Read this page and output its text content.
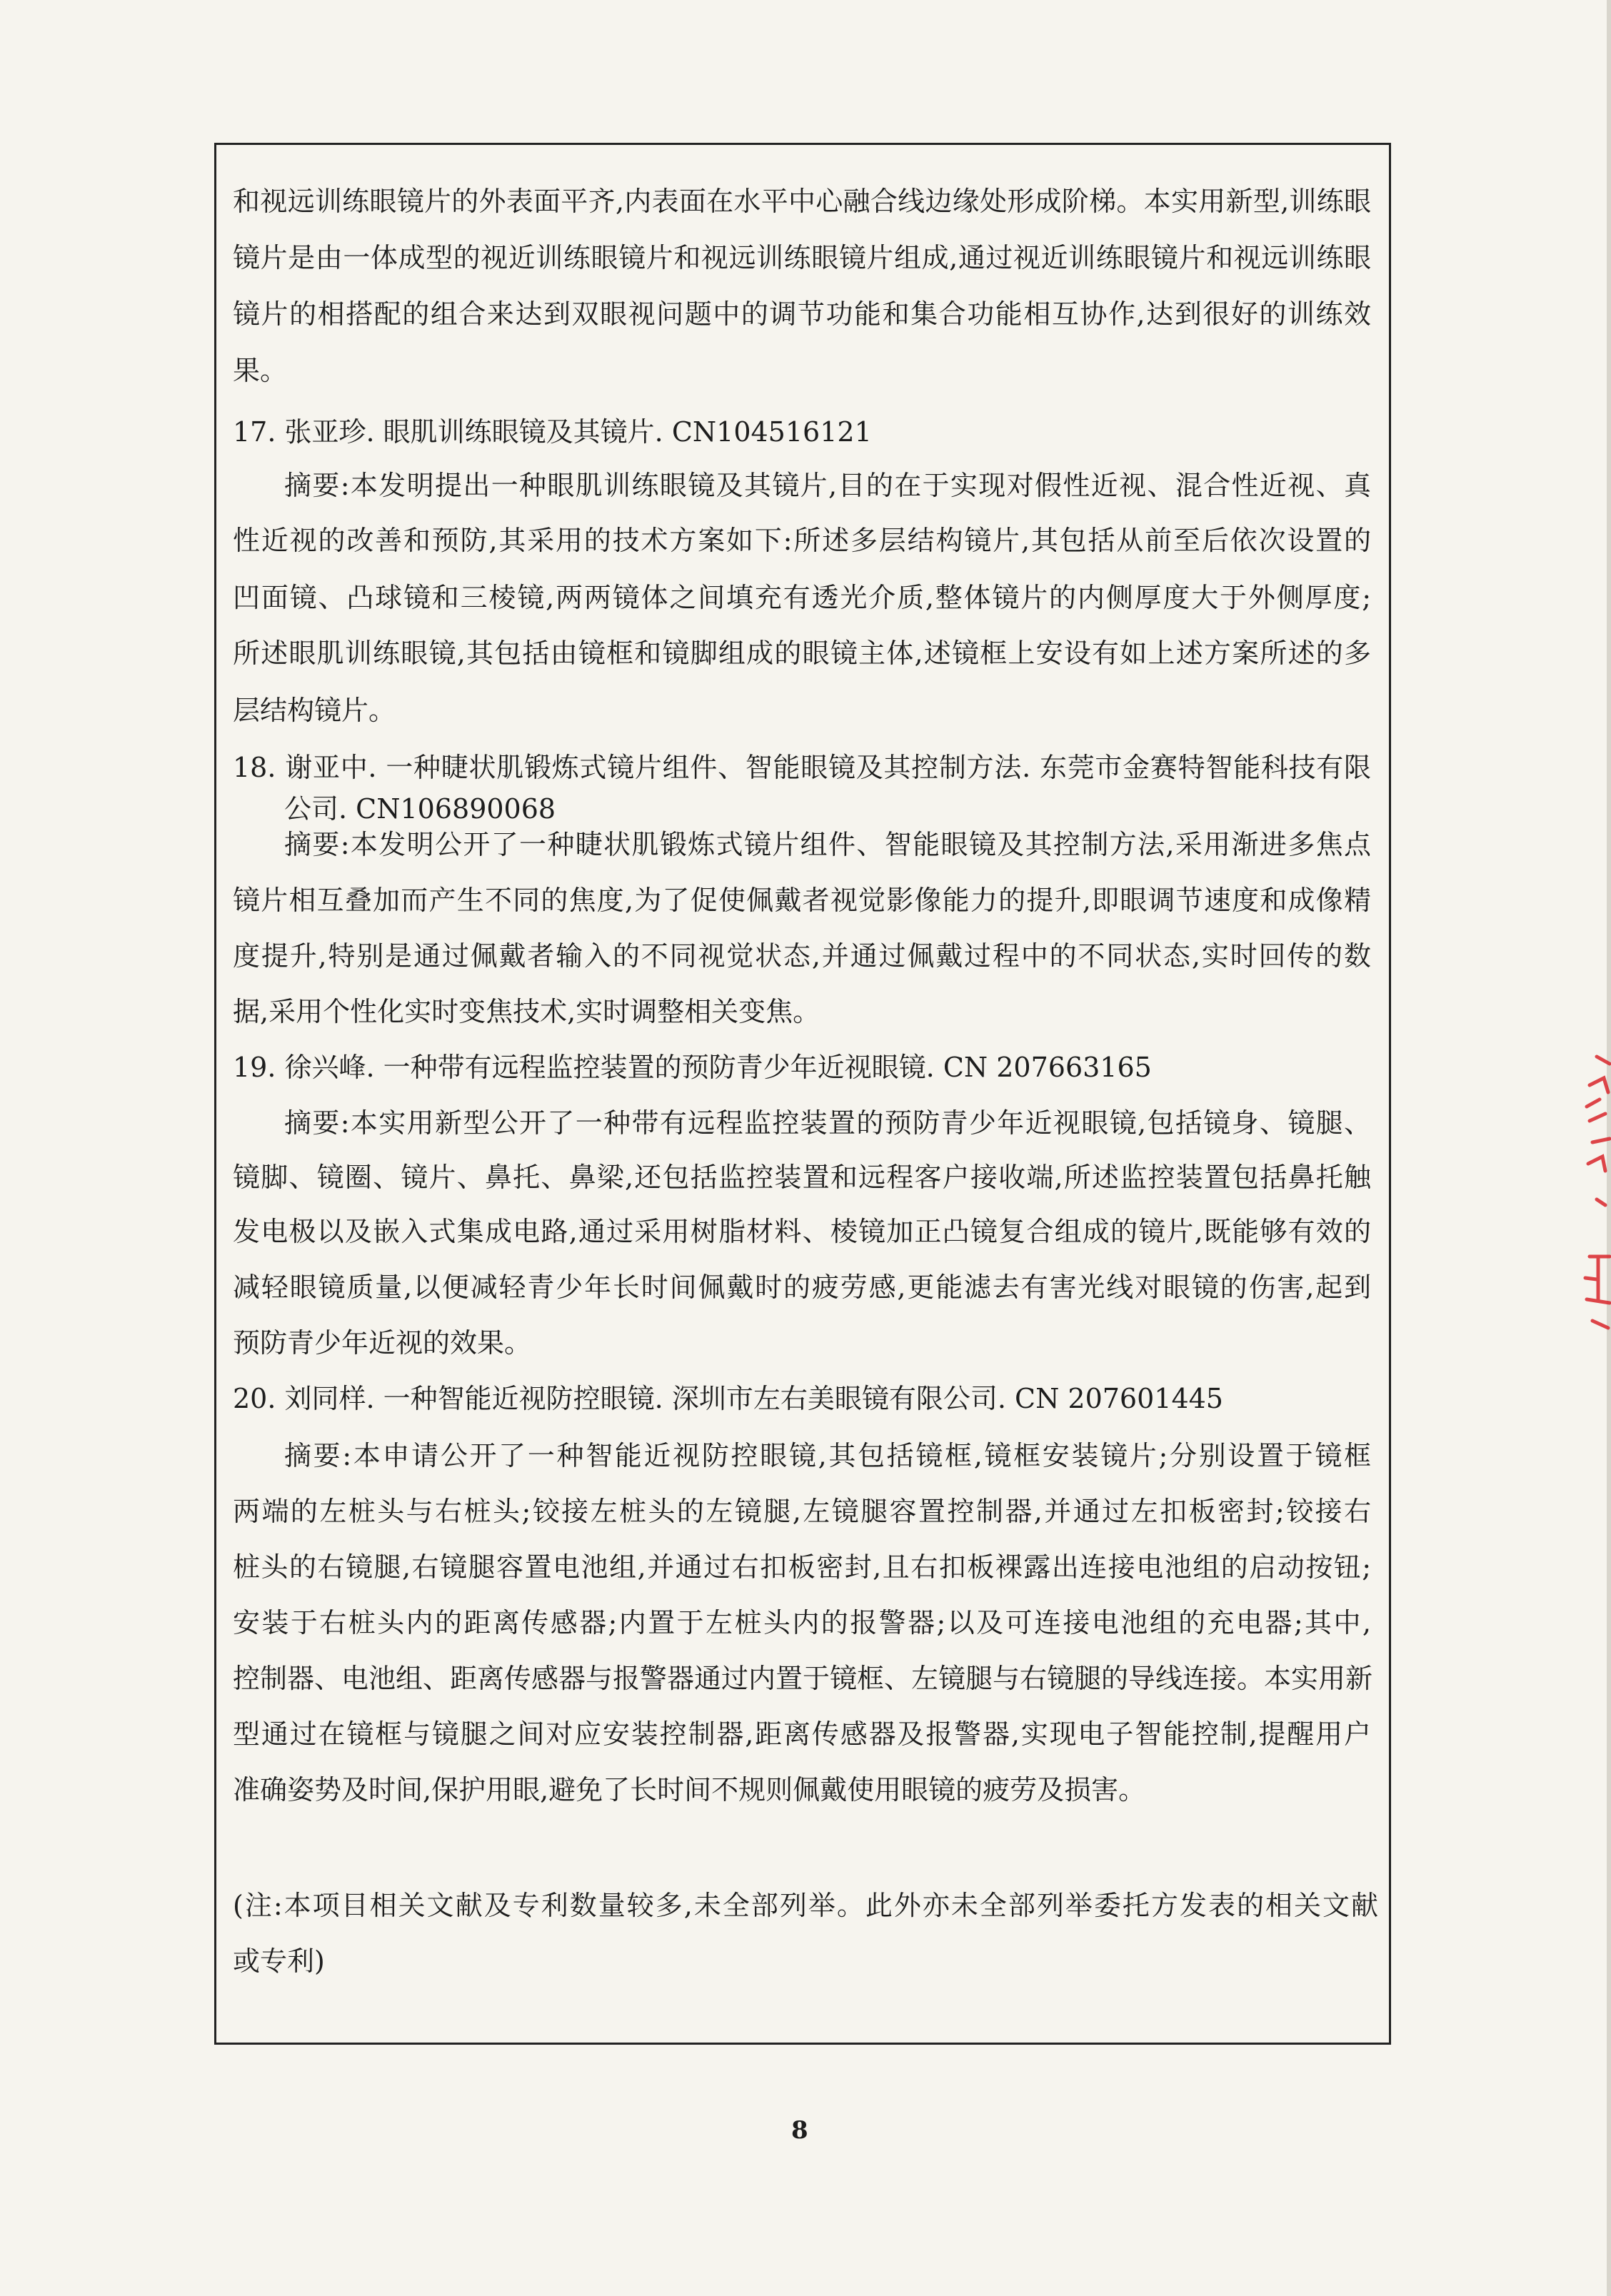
和视远训练眼镜片的外表面平齐,内表面在水平中心融合线边缘处形成阶梯。本实用新型,训练眼
镜片是由一体成型的视近训练眼镜片和视远训练眼镜片组成,通过视近训练眼镜片和视远训练眼
镜片的相搭配的组合来达到双眼视问题中的调节功能和集合功能相互协作,达到很好的训练效
果。
17. 张亚珍. 眼肌训练眼镜及其镜片. CN104516121
摘要:本发明提出一种眼肌训练眼镜及其镜片,目的在于实现对假性近视、混合性近视、真
性近视的改善和预防,其采用的技术方案如下:所述多层结构镜片,其包括从前至后依次设置的
凹面镜、凸球镜和三棱镜,两两镜体之间填充有透光介质,整体镜片的内侧厚度大于外侧厚度;
所述眼肌训练眼镜,其包括由镜框和镜脚组成的眼镜主体,述镜框上安设有如上述方案所述的多
层结构镜片。
18. 谢亚中. 一种睫状肌锻炼式镜片组件、智能眼镜及其控制方法. 东莞市金赛特智能科技有限
公司. CN106890068
摘要:本发明公开了一种睫状肌锻炼式镜片组件、智能眼镜及其控制方法,采用渐进多焦点
镜片相互叠加而产生不同的焦度,为了促使佩戴者视觉影像能力的提升,即眼调节速度和成像精
度提升,特别是通过佩戴者输入的不同视觉状态,并通过佩戴过程中的不同状态,实时回传的数
据,采用个性化实时变焦技术,实时调整相关变焦。
19. 徐兴峰. 一种带有远程监控装置的预防青少年近视眼镜. CN 207663165
摘要:本实用新型公开了一种带有远程监控装置的预防青少年近视眼镜,包括镜身、镜腿、
镜脚、镜圈、镜片、鼻托、鼻梁,还包括监控装置和远程客户接收端,所述监控装置包括鼻托触
发电极以及嵌入式集成电路,通过采用树脂材料、棱镜加正凸镜复合组成的镜片,既能够有效的
减轻眼镜质量,以便减轻青少年长时间佩戴时的疲劳感,更能滤去有害光线对眼镜的伤害,起到
预防青少年近视的效果。
20. 刘同样. 一种智能近视防控眼镜. 深圳市左右美眼镜有限公司. CN 207601445
摘要:本申请公开了一种智能近视防控眼镜,其包括镜框,镜框安装镜片;分别设置于镜框
两端的左桩头与右桩头;铰接左桩头的左镜腿,左镜腿容置控制器,并通过左扣板密封;铰接右
桩头的右镜腿,右镜腿容置电池组,并通过右扣板密封,且右扣板裸露出连接电池组的启动按钮;
安装于右桩头内的距离传感器;内置于左桩头内的报警器;以及可连接电池组的充电器;其中,
控制器、电池组、距离传感器与报警器通过内置于镜框、左镜腿与右镜腿的导线连接。本实用新
型通过在镜框与镜腿之间对应安装控制器,距离传感器及报警器,实现电子智能控制,提醒用户
准确姿势及时间,保护用眼,避免了长时间不规则佩戴使用眼镜的疲劳及损害。
(注:本项目相关文献及专利数量较多,未全部列举。此外亦未全部列举委托方发表的相关文献
或专利)
8
